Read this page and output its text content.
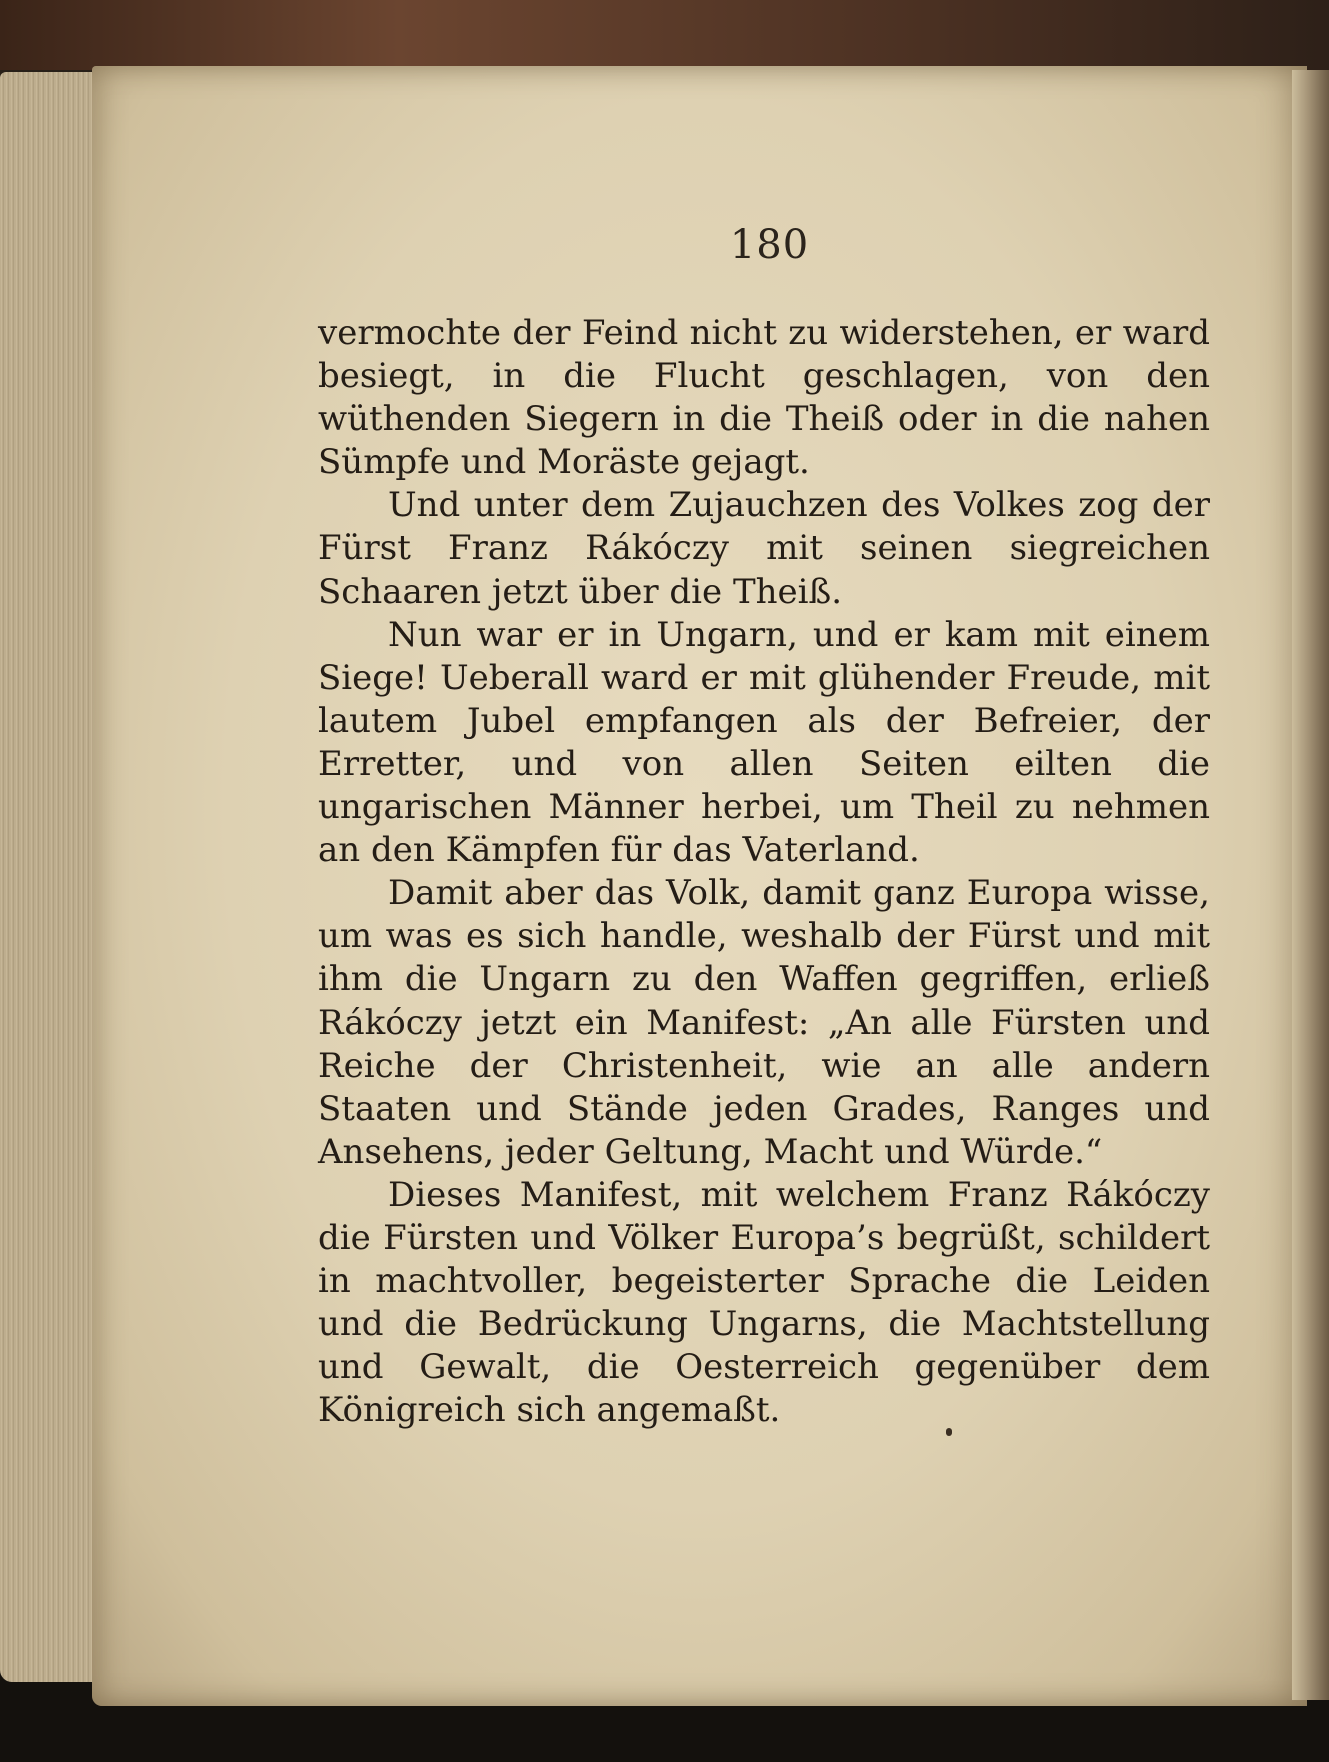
180

vermochte der Feind nicht zu widerstehen, er ward besiegt, in die Flucht geschlagen, von den wüthenden Siegern in die Theiß oder in die nahen Sümpfe und Moräste gejagt.

Und unter dem Zujauchzen des Volkes zog der Fürst Franz Rákóczy mit seinen siegreichen Schaaren jetzt über die Theiß.

Nun war er in Ungarn, und er kam mit einem Siege! Ueberall ward er mit glühender Freude, mit lautem Jubel empfangen als der Befreier, der Erretter, und von allen Seiten eilten die ungarischen Männer herbei, um Theil zu nehmen an den Kämpfen für das Vaterland.

Damit aber das Volk, damit ganz Europa wisse, um was es sich handle, weshalb der Fürst und mit ihm die Ungarn zu den Waffen gegriffen, erließ Rákóczy jetzt ein Manifest: „An alle Fürsten und Reiche der Christenheit, wie an alle andern Staaten und Stände jeden Grades, Ranges und Ansehens, jeder Geltung, Macht und Würde.“

Dieses Manifest, mit welchem Franz Rákóczy die Fürsten und Völker Europa’s begrüßt, schildert in machtvoller, begeisterter Sprache die Leiden und die Bedrückung Ungarns, die Machtstellung und Gewalt, die Oesterreich gegenüber dem Königreich sich angemaßt.
